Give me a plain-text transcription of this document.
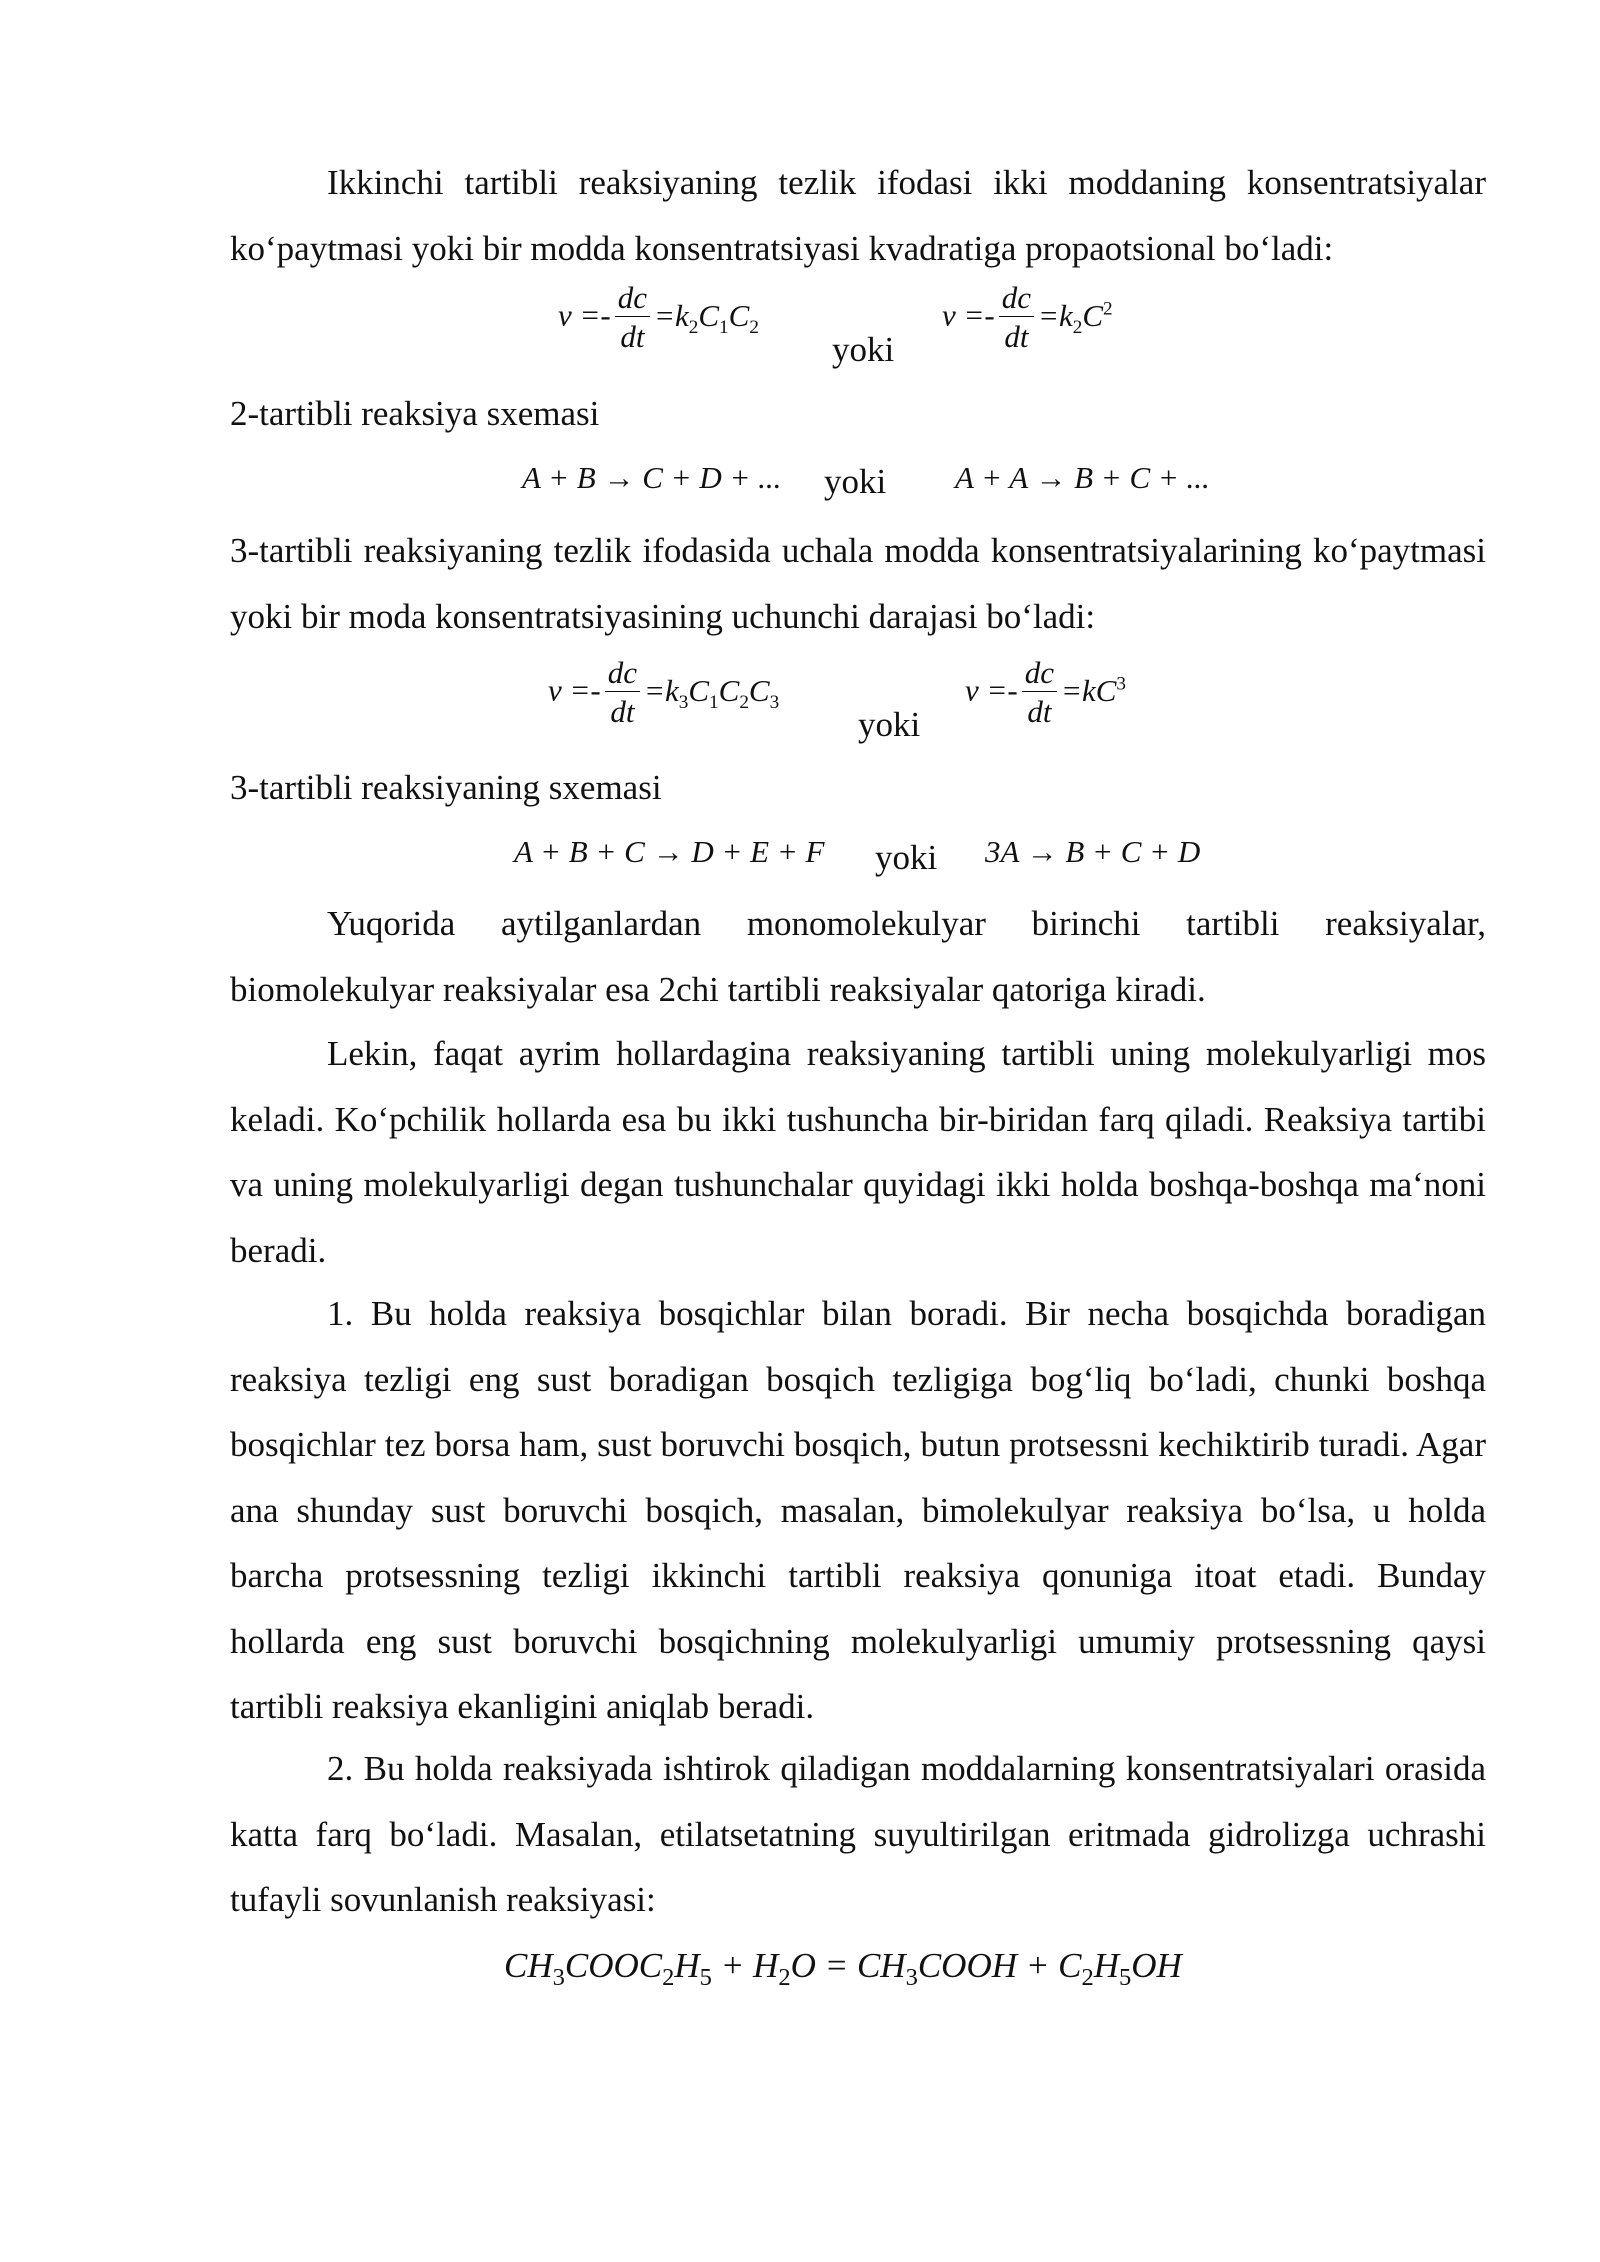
Ikkinchi tartibli reaksiyaning tezlik ifodasi ikki moddaning konsentratsiyalar ko‘paytmasi yoki bir modda konsentratsiyasi kvadratiga propaotsional bo‘ladi:

$\nu =- \frac{dc}{dt} =k_2C_1C_2$
yoki
$\nu =- \frac{dc}{dt} =k_2C^2$

2-tartibli reaksiya sxemasi

A + B → C + D + ... yoki A + A → B + C + ...

3-tartibli reaksiyaning tezlik ifodasida uchala modda konsentratsiyalarining ko‘paytmasi yoki bir moda konsentratsiyasining uchunchi darajasi bo‘ladi:

$\nu =- \frac{dc}{dt} =k_3C_1C_2C_3$
yoki
$\nu =- \frac{dc}{dt} =kC^3$

3-tartibli reaksiyaning sxemasi

A + B + C → D + E + F yoki 3A → B + C + D

Yuqorida aytilganlardan monomolekulyar birinchi tartibli reaksiyalar, biomolekulyar reaksiyalar esa 2chi tartibli reaksiyalar qatoriga kiradi.

Lekin, faqat ayrim hollardagina reaksiyaning tartibli uning molekulyarligi mos keladi. Ko‘pchilik hollarda esa bu ikki tushuncha bir-biridan farq qiladi. Reaksiya tartibi va uning molekulyarligi degan tushunchalar quyidagi ikki holda boshqa-boshqa ma‘noni beradi.

1. Bu holda reaksiya bosqichlar bilan boradi. Bir necha bosqichda boradigan reaksiya tezligi eng sust boradigan bosqich tezligiga bog‘liq bo‘ladi, chunki boshqa bosqichlar tez borsa ham, sust boruvchi bosqich, butun protsessni kechiktirib turadi. Agar ana shunday sust boruvchi bosqich, masalan, bimolekulyar reaksiya bo‘lsa, u holda barcha protsessning tezligi ikkinchi tartibli reaksiya qonuniga itoat etadi. Bunday hollarda eng sust boruvchi bosqichning molekulyarligi umumiy protsessning qaysi tartibli reaksiya ekanligini aniqlab beradi.

2. Bu holda reaksiyada ishtirok qiladigan moddalarning konsentratsiyalari orasida katta farq bo‘ladi. Masalan, etilatsetatning suyultirilgan eritmada gidrolizga uchrashi tufayli sovunlanish reaksiyasi:

$CH_3COOC_2H_5 + H_2O$ = $CH_3COOH + C_2H_5OH$
